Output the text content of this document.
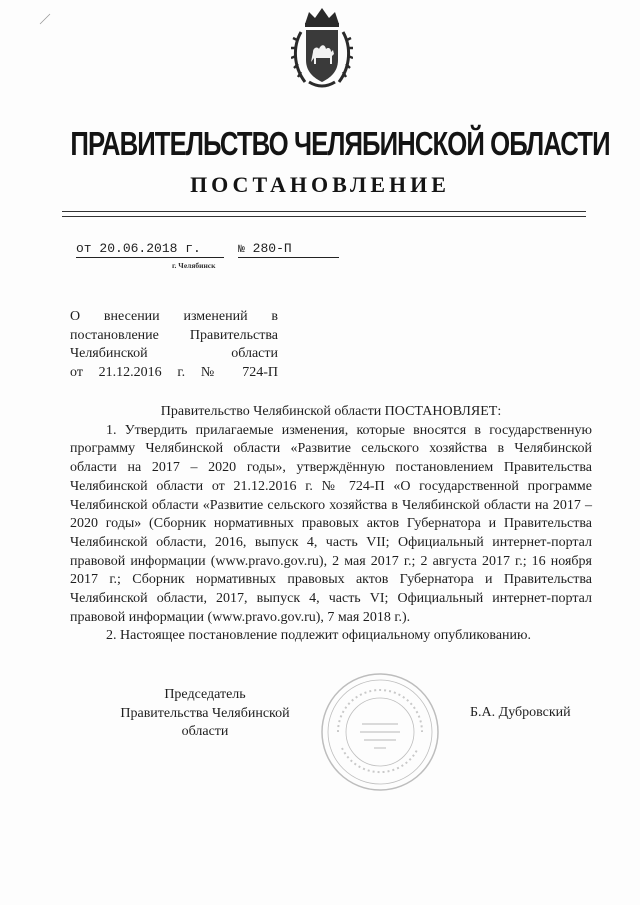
ПРАВИТЕЛЬСТВО ЧЕЛЯБИНСКОЙ ОБЛАСТИ
ПОСТАНОВЛЕНИЕ
от 20.06.2018 г.	№ 280-П
г. Челябинск
О внесении изменений в
постановление Правительства
Челябинской области
от 21.12.2016 г. № 724-П
Правительство Челябинской области ПОСТАНОВЛЯЕТ:

1. Утвердить прилагаемые изменения, которые вносятся в государственную программу Челябинской области «Развитие сельского хозяйства в Челябинской области на 2017 – 2020 годы», утверждённую постановлением Правительства Челябинской области от 21.12.2016 г. № 724-П «О государственной программе Челябинской области «Развитие сельского хозяйства в Челябинской области на 2017 – 2020 годы» (Сборник нормативных правовых актов Губернатора и Правительства Челябинской области, 2016, выпуск 4, часть VII; Официальный интернет-портал правовой информации (www.pravo.gov.ru), 2 мая 2017 г.; 2 августа 2017 г.; 16 ноября 2017 г.; Сборник нормативных правовых актов Губернатора и Правительства Челябинской области, 2017, выпуск 4, часть VI; Официальный интернет-портал правовой информации (www.pravo.gov.ru), 7 мая 2018 г.).

2. Настоящее постановление подлежит официальному опубликованию.

Председатель
Правительства Челябинской области
Б.А. Дубровский
